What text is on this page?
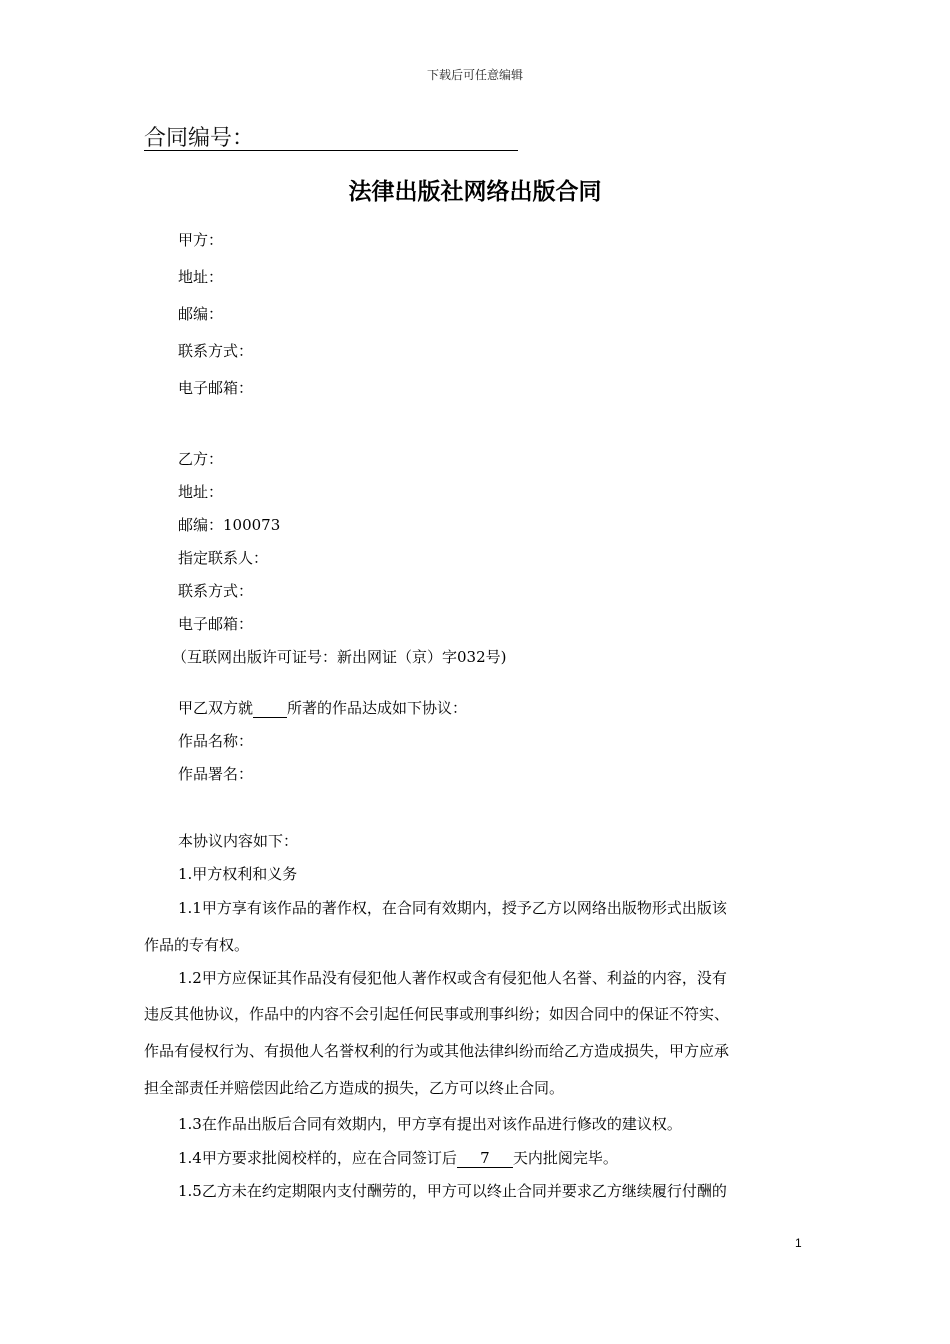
下载后可任意编辑
合同编号：
法律出版社网络出版合同
甲方：
地址：
邮编：
联系方式：
电子邮箱：
乙方：
地址：
邮编：100073
指定联系人：
联系方式：
电子邮箱：
（互联网出版许可证号：新出网证（京）字032号)
甲乙双方就 所著的作品达成如下协议：
作品名称：
作品署名：
本协议内容如下：
1.甲方权利和义务
1.1甲方享有该作品的著作权，在合同有效期内，授予乙方以网络出版物形式出版该
作品的专有权。
1.2甲方应保证其作品没有侵犯他人著作权或含有侵犯他人名誉、利益的内容，没有
违反其他协议，作品中的内容不会引起任何民事或刑事纠纷；如因合同中的保证不符实、
作品有侵权行为、有损他人名誉权利的行为或其他法律纠纷而给乙方造成损失，甲方应承
担全部责任并赔偿因此给乙方造成的损失，乙方可以终止合同。
1.3在作品出版后合同有效期内，甲方享有提出对该作品进行修改的建议权。
1.4甲方要求批阅校样的，应在合同签订后 7 天内批阅完毕。
1.5乙方未在约定期限内支付酬劳的，甲方可以终止合同并要求乙方继续履行付酬的
1
